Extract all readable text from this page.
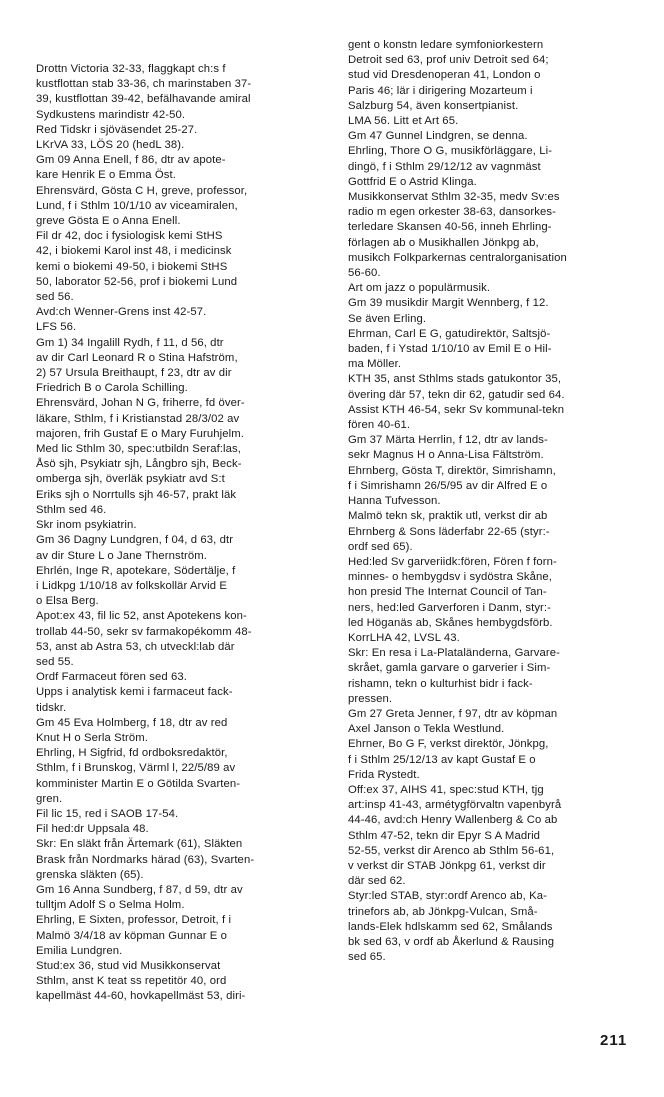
Drottn Victoria 32-33, flaggkapt ch:s f

kustflottan stab 33-36, ch marinstaben 37-

39, kustflottan 39-42, befälhavande amiral

Sydkustens marindistr 42-50.

Red Tidskr i sjöväsendet 25-27.

LKrVA 33, LÖS 20 (hedL 38).

Gm 09 Anna Enell, f 86, dtr av apote-

kare Henrik E o Emma Öst.

Ehrensvärd, Gösta C H, greve, professor,

Lund, f i Sthlm 10/1/10 av viceamiralen,

greve Gösta E o Anna Enell.

Fil dr 42, doc i fysiologisk kemi StHS

42, i biokemi Karol inst 48, i medicinsk

kemi o biokemi 49-50, i biokemi StHS

50, laborator 52-56, prof i biokemi Lund

sed 56.

Avd:ch Wenner-Grens inst 42-57.

LFS 56.

Gm 1) 34 Ingalill Rydh, f 11, d 56, dtr

av dir Carl Leonard R o Stina Hafström,

2) 57 Ursula Breithaupt, f 23, dtr av dir

Friedrich B o Carola Schilling.

Ehrensvärd, Johan N G, friherre, fd över-

läkare, Sthlm, f i Kristianstad 28/3/02 av

majoren, frih Gustaf E o Mary Furuhjelm.

Med lic Sthlm 30, spec:utbildn Seraf:las,

Åsö sjh, Psykiatr sjh, Långbro sjh, Beck-

omberga sjh, överläk psykiatr avd S:t

Eriks sjh o Norrtulls sjh 46-57, prakt läk

Sthlm sed 46.

Skr inom psykiatrin.

Gm 36 Dagny Lundgren, f 04, d 63, dtr

av dir Sture L o Jane Thernström.

Ehrlén, Inge R, apotekare, Södertälje, f

i Lidkpg 1/10/18 av folkskollär Arvid E

o Elsa Berg.

Apot:ex 43, fil lic 52, anst Apotekens kon-

trollab 44-50, sekr sv farmakopékomm 48-

53, anst ab Astra 53, ch utveckl:lab där

sed 55.

Ordf Farmaceut fören sed 63.

Upps i analytisk kemi i farmaceut fack-

tidskr.

Gm 45 Eva Holmberg, f 18, dtr av red

Knut H o Serla Ström.

Ehrling, H Sigfrid, fd ordboksredaktör,

Sthlm, f i Brunskog, Värml l, 22/5/89 av

komminister Martin E o Götilda Svarten-

gren.

Fil lic 15, red i SAOB 17-54.

Fil hed:dr Uppsala 48.

Skr: En släkt från Ärtemark (61), Släkten

Brask från Nordmarks härad (63), Svarten-

grenska släkten (65).

Gm 16 Anna Sundberg, f 87, d 59, dtr av

tulltjm Adolf S o Selma Holm.

Ehrling, E Sixten, professor, Detroit, f i

Malmö 3/4/18 av köpman Gunnar E o

Emilia Lundgren.

Stud:ex 36, stud vid Musikkonservat

Sthlm, anst K teat ss repetitör 40, ord

kapellmäst 44-60, hovkapellmäst 53, diri-

gent o konstn ledare symfoniorkestern

Detroit sed 63, prof univ Detroit sed 64;

stud vid Dresdenoperan 41, London o

Paris 46; lär i dirigering Mozarteum i

Salzburg 54, även konsertpianist.

LMA 56. Litt et Art 65.

Gm 47 Gunnel Lindgren, se denna.

Ehrling, Thore O G, musikförläggare, Li-

dingö, f i Sthlm 29/12/12 av vagnmäst

Gottfrid E o Astrid Klinga.

Musikkonservat Sthlm 32-35, medv Sv:es

radio m egen orkester 38-63, dansorkes-

terledare Skansen 40-56, inneh Ehrling-

förlagen ab o Musikhallen Jönkpg ab,

musikch Folkparkernas centralorganisation

56-60.

Art om jazz o populärmusik.

Gm 39 musikdir Margit Wennberg, f 12.

Se även Erling.

Ehrman, Carl E G, gatudirektör, Saltsjö-

baden, f i Ystad 1/10/10 av Emil E o Hil-

ma Möller.

KTH 35, anst Sthlms stads gatukontor 35,

övering där 57, tekn dir 62, gatudir sed 64.

Assist KTH 46-54, sekr Sv kommunal-tekn

fören 40-61.

Gm 37 Märta Herrlin, f 12, dtr av lands-

sekr Magnus H o Anna-Lisa Fältström.

Ehrnberg, Gösta T, direktör, Simrishamn,

f i Simrishamn 26/5/95 av dir Alfred E o

Hanna Tufvesson.

Malmö tekn sk, praktik utl, verkst dir ab

Ehrnberg & Sons läderfabr 22-65 (styr:-

ordf sed 65).

Hed:led Sv garveriidk:fören, Fören f forn-

minnes- o hembygdsv i sydöstra Skåne,

hon presid The Internat Council of Tan-

ners, hed:led Garverforen i Danm, styr:-

led Höganäs ab, Skånes hembygdsförb.

KorrLHA 42, LVSL 43.

Skr: En resa i La-Plataländerna, Garvare-

skrået, gamla garvare o garverier i Sim-

rishamn, tekn o kulturhist bidr i fack-

pressen.

Gm 27 Greta Jenner, f 97, dtr av köpman

Axel Janson o Tekla Westlund.

Ehrner, Bo G F, verkst direktör, Jönkpg,

f i Sthlm 25/12/13 av kapt Gustaf E o

Frida Rystedt.

Off:ex 37, AIHS 41, spec:stud KTH, tjg

art:insp 41-43, armétygförvaltn vapenbyrå

44-46, avd:ch Henry Wallenberg & Co ab

Sthlm 47-52, tekn dir Epyr S A Madrid

52-55, verkst dir Arenco ab Sthlm 56-61,

v verkst dir STAB Jönkpg 61, verkst dir

där sed 62.

Styr:led STAB, styr:ordf Arenco ab, Ka-

trinefors ab, ab Jönkpg-Vulcan, Små-

lands-Elek hdlskamm sed 62, Smålands

bk sed 63, v ordf ab Åkerlund & Rausing

sed 65.

211
